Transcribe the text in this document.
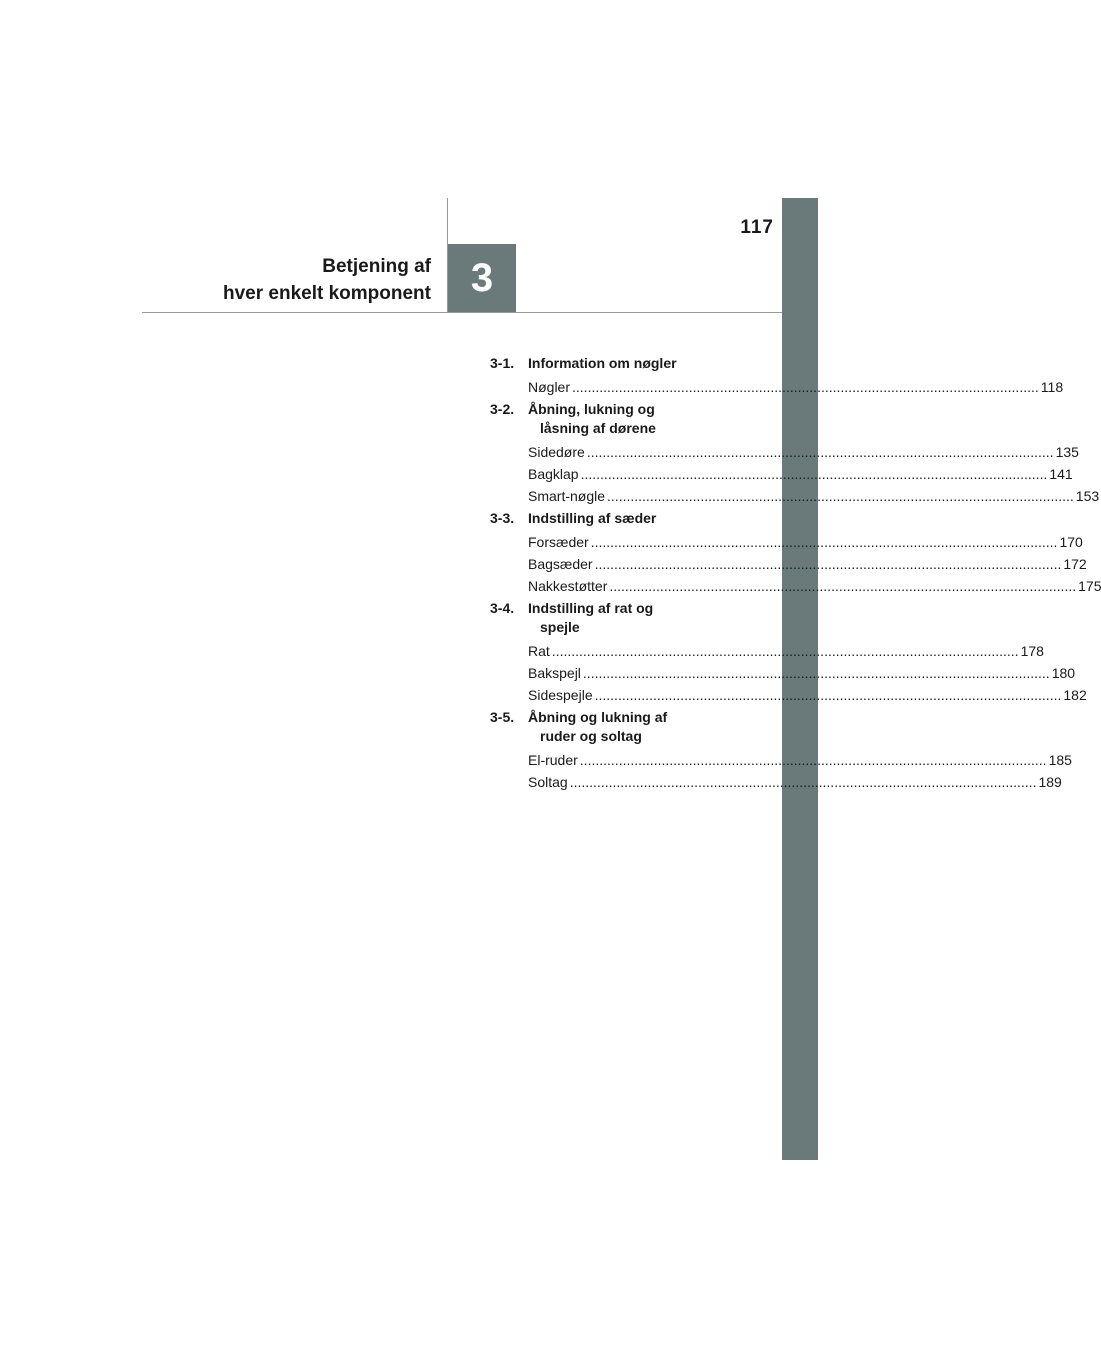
3
117
Betjening af
hver enkelt komponent
3-1. Information om nøgler
Nøgler ........................................................................................................................ 118
3-2. Åbning, lukning og
låsning af dørene
Sidedøre ........................................................................................................................ 135
Bagklap ........................................................................................................................ 141
Smart-nøgle ........................................................................................................................ 153
3-3. Indstilling af sæder
Forsæder ........................................................................................................................ 170
Bagsæder ........................................................................................................................ 172
Nakkestøtter ........................................................................................................................ 175
3-4. Indstilling af rat og
spejle
Rat ........................................................................................................................ 178
Bakspejl ........................................................................................................................ 180
Sidespejle ........................................................................................................................ 182
3-5. Åbning og lukning af
ruder og soltag
El-ruder ........................................................................................................................ 185
Soltag ........................................................................................................................ 189
